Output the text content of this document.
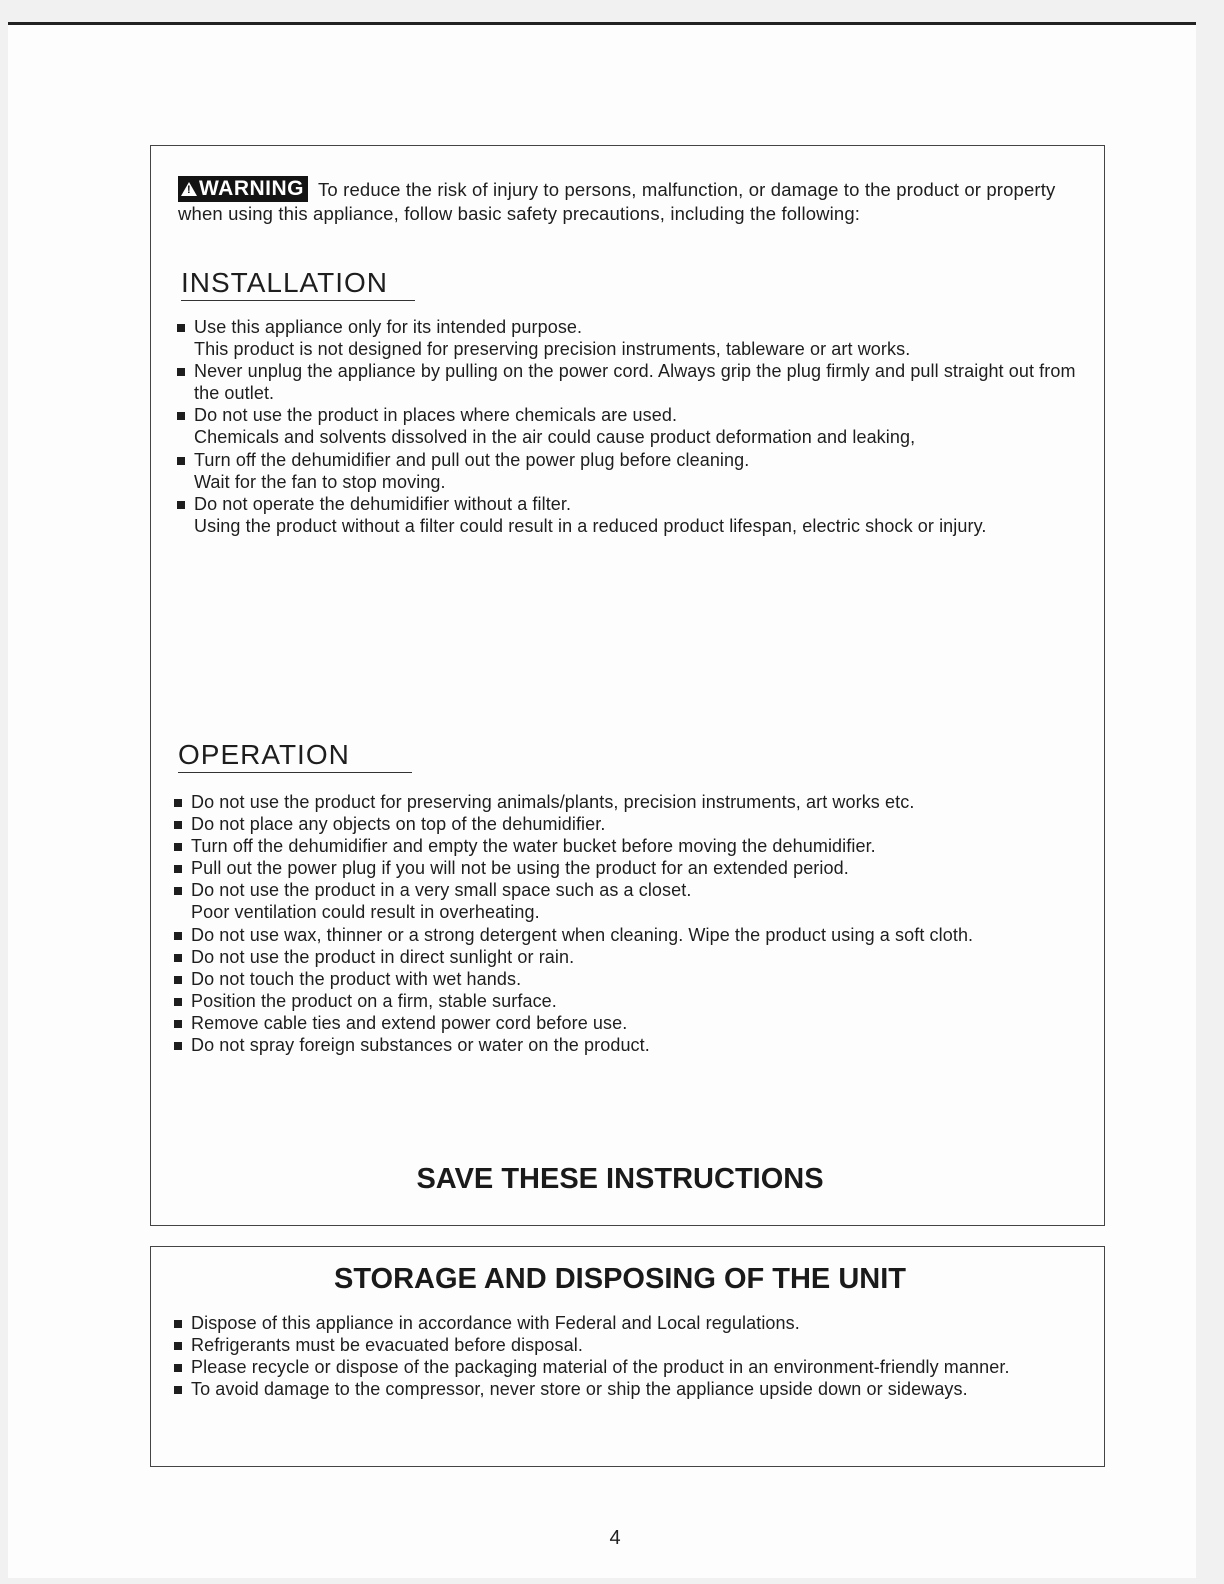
!WARNING To reduce the risk of injury to persons, malfunction, or damage to the product or property when using this appliance, follow basic safety precautions, including the following:
INSTALLATION
Use this appliance only for its intended purpose.
This product is not designed for preserving precision instruments, tableware or art works.
Never unplug the appliance by pulling on the power cord. Always grip the plug firmly and pull straight out from the outlet.
Do not use the product in places where chemicals are used.
Chemicals and solvents dissolved in the air could cause product deformation and leaking,
Turn off the dehumidifier and pull out the power plug before cleaning.
Wait for the fan to stop moving.
Do not operate the dehumidifier without a filter.
Using the product without a filter could result in a reduced product lifespan, electric shock or injury.
OPERATION
Do not use the product for preserving animals/plants, precision instruments, art works etc.
Do not place any objects on top of the dehumidifier.
Turn off the dehumidifier and empty the water bucket before moving the dehumidifier.
Pull out the power plug if you will not be using the product for an extended period.
Do not use the product in a very small space such as a closet.
Poor ventilation could result in overheating.
Do not use wax, thinner or a strong detergent when cleaning. Wipe the product using a soft cloth.
Do not use the product in direct sunlight or rain.
Do not touch the product with wet hands.
Position the product on a firm, stable surface.
Remove cable ties and extend power cord before use.
Do not spray foreign substances or water on the product.
SAVE THESE INSTRUCTIONS
STORAGE AND DISPOSING OF THE UNIT
Dispose of this appliance in accordance with Federal and Local regulations.
Refrigerants must be evacuated before disposal.
Please recycle or dispose of the packaging material of the product in an environment-friendly manner.
To avoid damage to the compressor, never store or ship the appliance upside down or sideways.
4
